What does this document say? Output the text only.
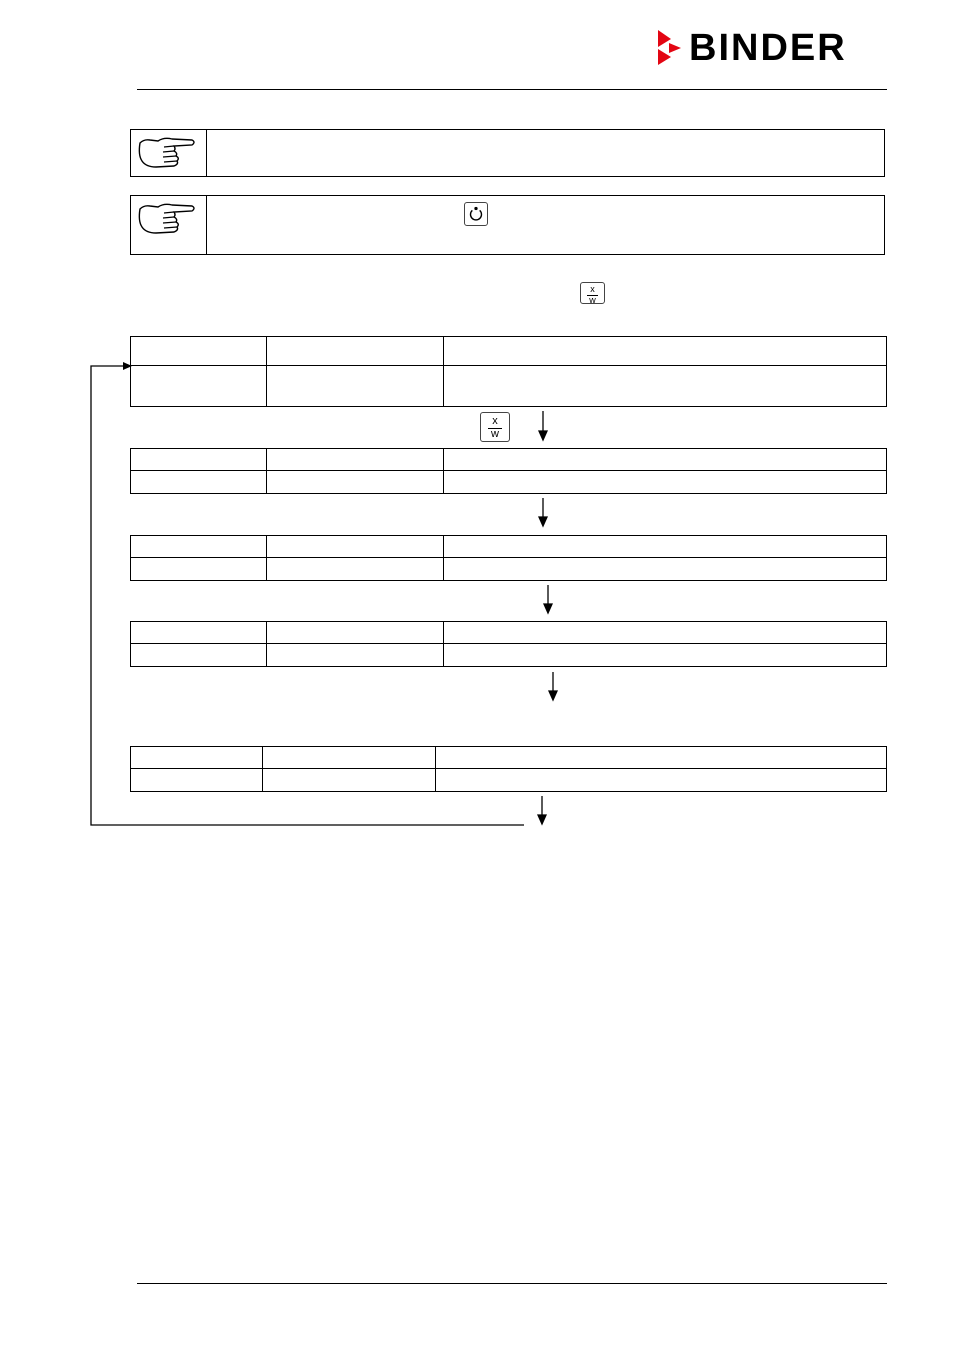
BINDER
x
w

x
w
